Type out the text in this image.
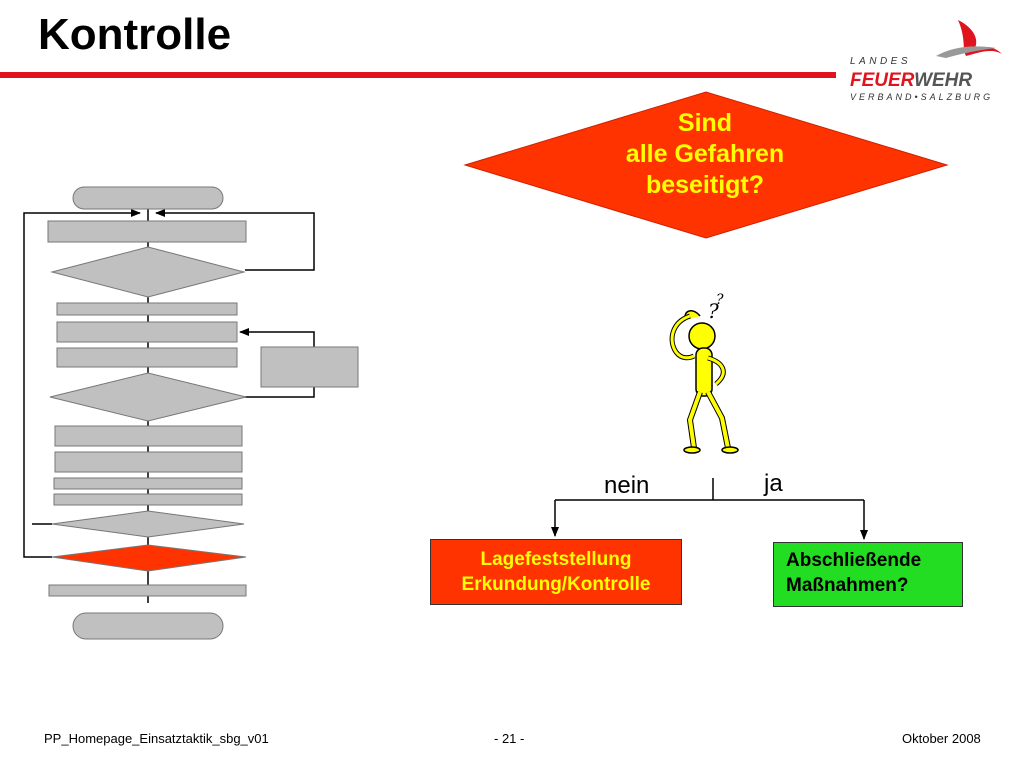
Kontrolle
LANDES
FEUERWEHR
VERBAND•SALZBURG
?
?
Sind
alle Gefahren
beseitigt?
nein	ja
Lagefeststellung
Erkundung/Kontrolle
Abschließende
Maßnahmen?
PP_Homepage_Einsatztaktik_sbg_v01	- 21 -	Oktober 2008
